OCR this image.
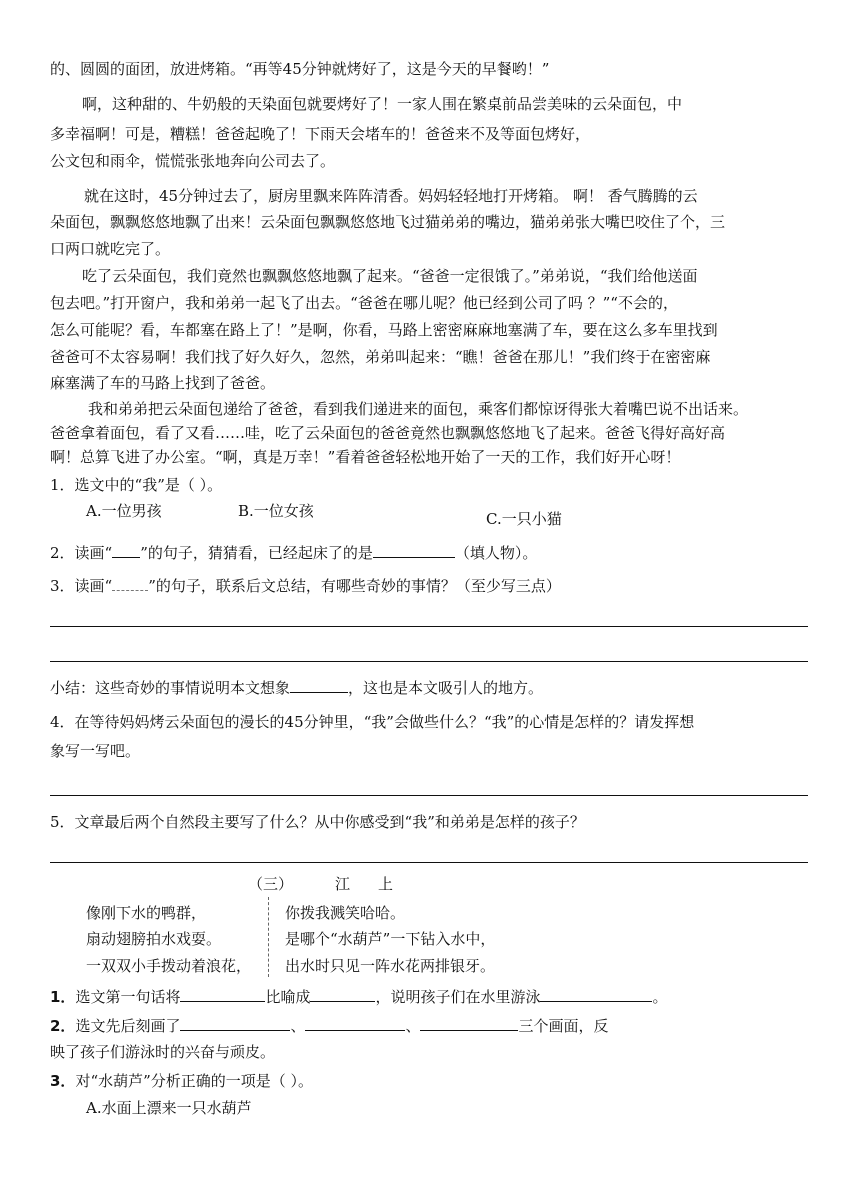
的、圆圆的面团，放进烤箱。“再等45分钟就烤好了，这是今天的早餐哟！”
啊，这种甜的、牛奶般的天染面包就要烤好了！一家人围在繁桌前品尝美味的云朵面包，中
多幸福啊！可是，糟糕！爸爸起晚了！下雨天会堵车的！爸爸来不及等面包烤好，
公文包和雨伞，慌慌张张地奔向公司去了。
就在这时，45分钟过去了，厨房里飘来阵阵清香。妈妈轻轻地打开烤箱。 啊！ 香气腾腾的云
朵面包，飘飘悠悠地飘了出来！云朵面包飘飘悠悠地飞过猫弟弟的嘴边，猫弟弟张大嘴巴咬住了个，三
口两口就吃完了。
吃了云朵面包，我们竟然也飘飘悠悠地飘了起来。“爸爸一定很饿了。”弟弟说，“我们给他送面
包去吧。”打开窗户，我和弟弟一起飞了出去。“爸爸在哪儿呢？他已经到公司了吗 ？”“不会的，
怎么可能呢？看，车都塞在路上了！”是啊，你看，马路上密密麻麻地塞满了车，要在这么多车里找到
爸爸可不太容易啊！我们找了好久好久，忽然，弟弟叫起来：“瞧！爸爸在那儿！”我们终于在密密麻
麻塞满了车的马路上找到了爸爸。
我和弟弟把云朵面包递给了爸爸，看到我们递进来的面包，乘客们都惊讶得张大着嘴巴说不出话来。
爸爸拿着面包，看了又看……哇，吃了云朵面包的爸爸竟然也飘飘悠悠地飞了起来。爸爸飞得好高好高
啊！总算飞进了办公室。“啊，真是万幸！”看着爸爸轻松地开始了一天的工作，我们好开心呀！
1．选文中的“我”是（ ）。
A.一位男孩	B.一位女孩	C.一只小猫
2．读画“ ”的句子，猜猜看，已经起床了的是	（填人物）。
3．读画“ ”的句子，联系后文总结，有哪些奇妙的事情？（至少写三点）
小结：这些奇妙的事情说明本文想象	，这也是本文吸引人的地方。
4．在等待妈妈烤云朵面包的漫长的45分钟里，“我”会做些什么？“我”的心情是怎样的？请发挥想
象写一写吧。
5．文章最后两个自然段主要写了什么？从中你感受到“我”和弟弟是怎样的孩子？
（三）	江 上
像刚下水的鸭群，
扇动翅膀拍水戏耍。
一双双小手拨动着浪花，
你拨我溅笑哈哈。
是哪个“水葫芦”一下钻入水中，
出水时只见一阵水花两排银牙。
1．选文第一句话将	比喻成	，说明孩子们在水里游泳	。
2．选文先后刻画了	、	、	三个画面，反
映了孩子们游泳时的兴奋与顽皮。
3．对“水葫芦”分析正确的一项是（ ）。
A.水面上漂来一只水葫芦
